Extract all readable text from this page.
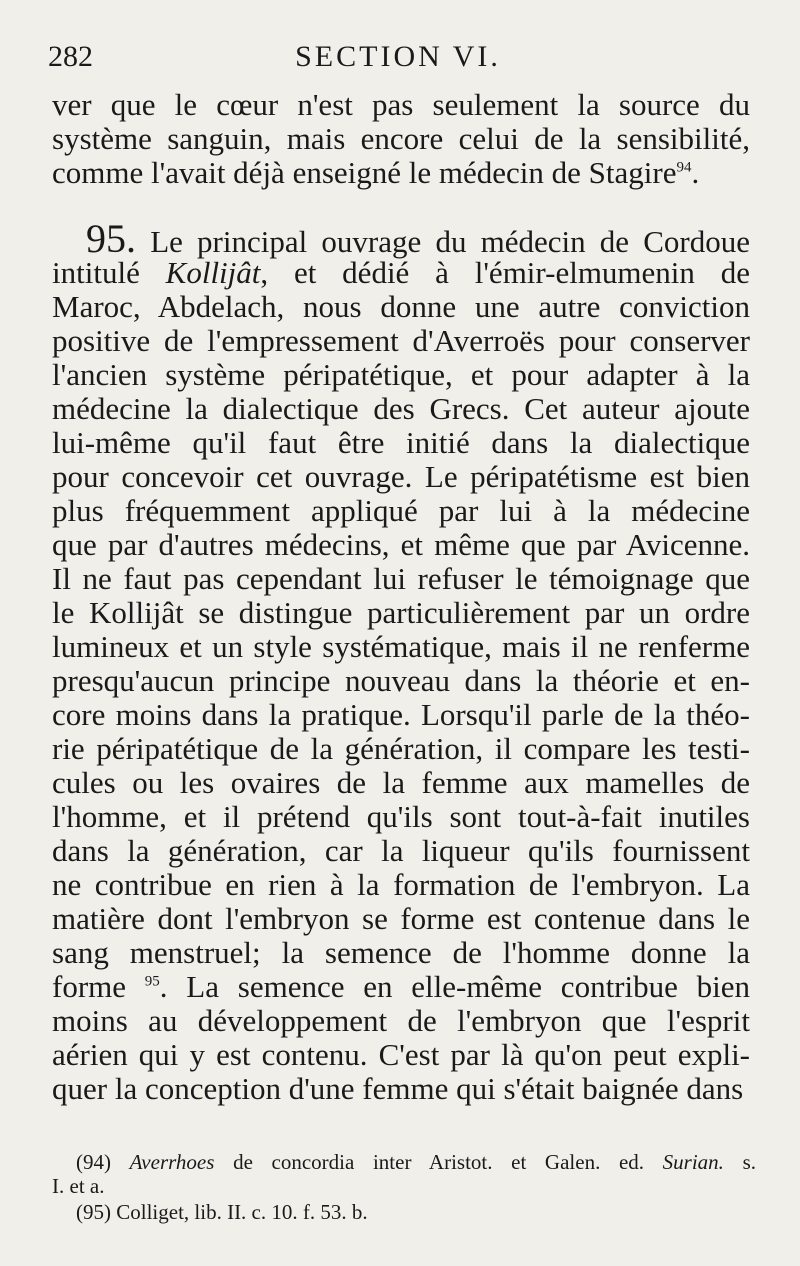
282	SECTION VI.
ver que le cœur n'est pas seulement la source du
système sanguin, mais encore celui de la sensibilité,
comme l'avait déjà enseigné le médecin de Stagire$^{94}$.
95. Le principal ouvrage du médecin de Cordoue
intitulé Kollijât, et dédié à l'émir-elmumenin de
Maroc, Abdelach, nous donne une autre conviction
positive de l'empressement d'Averroës pour conserver
l'ancien système péripatétique, et pour adapter à la
médecine la dialectique des Grecs. Cet auteur ajoute
lui-même qu'il faut être initié dans la dialectique
pour concevoir cet ouvrage. Le péripatétisme est bien
plus fréquemment appliqué par lui à la médecine
que par d'autres médecins, et même que par Avicenne.
Il ne faut pas cependant lui refuser le témoignage que
le Kollijât se distingue particulièrement par un ordre
lumineux et un style systématique, mais il ne renferme
presqu'aucun principe nouveau dans la théorie et en-
core moins dans la pratique. Lorsqu'il parle de la théo-
rie péripatétique de la génération, il compare les testi-
cules ou les ovaires de la femme aux mamelles de
l'homme, et il prétend qu'ils sont tout-à-fait inutiles
dans la génération, car la liqueur qu'ils fournissent
ne contribue en rien à la formation de l'embryon. La
matière dont l'embryon se forme est contenue dans le
sang menstruel; la semence de l'homme donne la
forme $^{95}$. La semence en elle-même contribue bien
moins au développement de l'embryon que l'esprit
aérien qui y est contenu. C'est par là qu'on peut expli-
quer la conception d'une femme qui s'était baignée dans
(94) Averrhoes de concordia inter Aristot. et Galen. ed. Surian. s.
I. et a.
(95) Colliget, lib. II. c. 10. f. 53. b.
